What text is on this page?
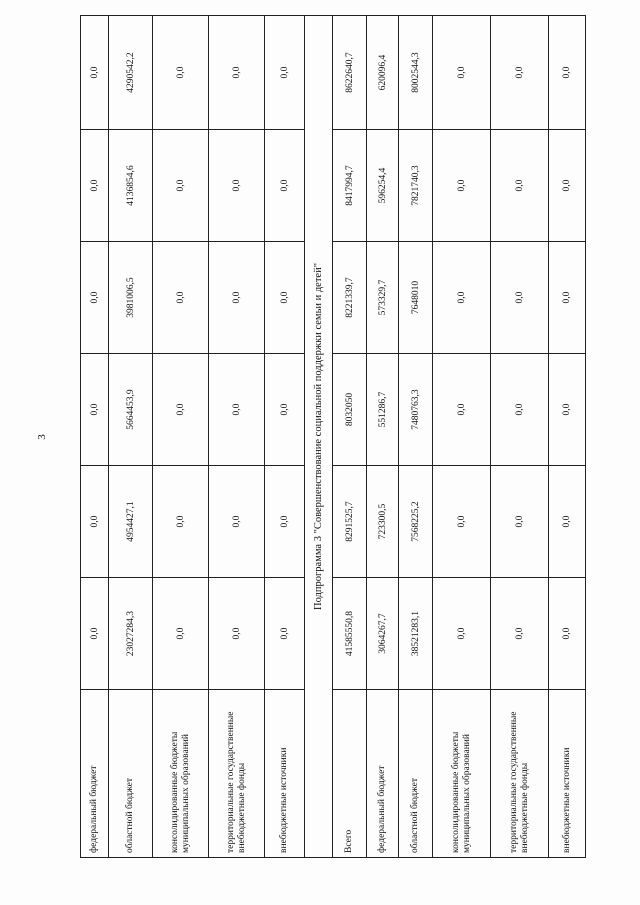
3
федеральный бюджет	0,0	0,0	0,0	0,0	0,0	0,0
областной бюджет	23027284,3	4954427,1	5664453,9	3981006,5	4136854,6	4290542,2
консолидированные бюджеты муниципальных образований	0,0	0,0	0,0	0,0	0,0	0,0
территориальные государственные внебюджетные фонды	0,0	0,0	0,0	0,0	0,0	0,0
внебюджетные источники	0,0	0,0	0,0	0,0	0,0	0,0
Подпрограмма 3 "Совершенствование социальной поддержки семьи и детей"						
Всего	41585550,8	8291525,7	8032050	8221339,7	8417994,7	8622640,7
федеральный бюджет	3064267,7	723300,5	551286,7	573329,7	596254,4	620096,4
областной бюджет	38521283,1	7568225,2	7480763,3	7648010	7821740,3	8002544,3
консолидированные бюджеты муниципальных образований	0,0	0,0	0,0	0,0	0,0	0,0
территориальные государственные внебюджетные фонды	0,0	0,0	0,0	0,0	0,0	0,0
внебюджетные источники	0,0	0,0	0,0	0,0	0,0	0,0
